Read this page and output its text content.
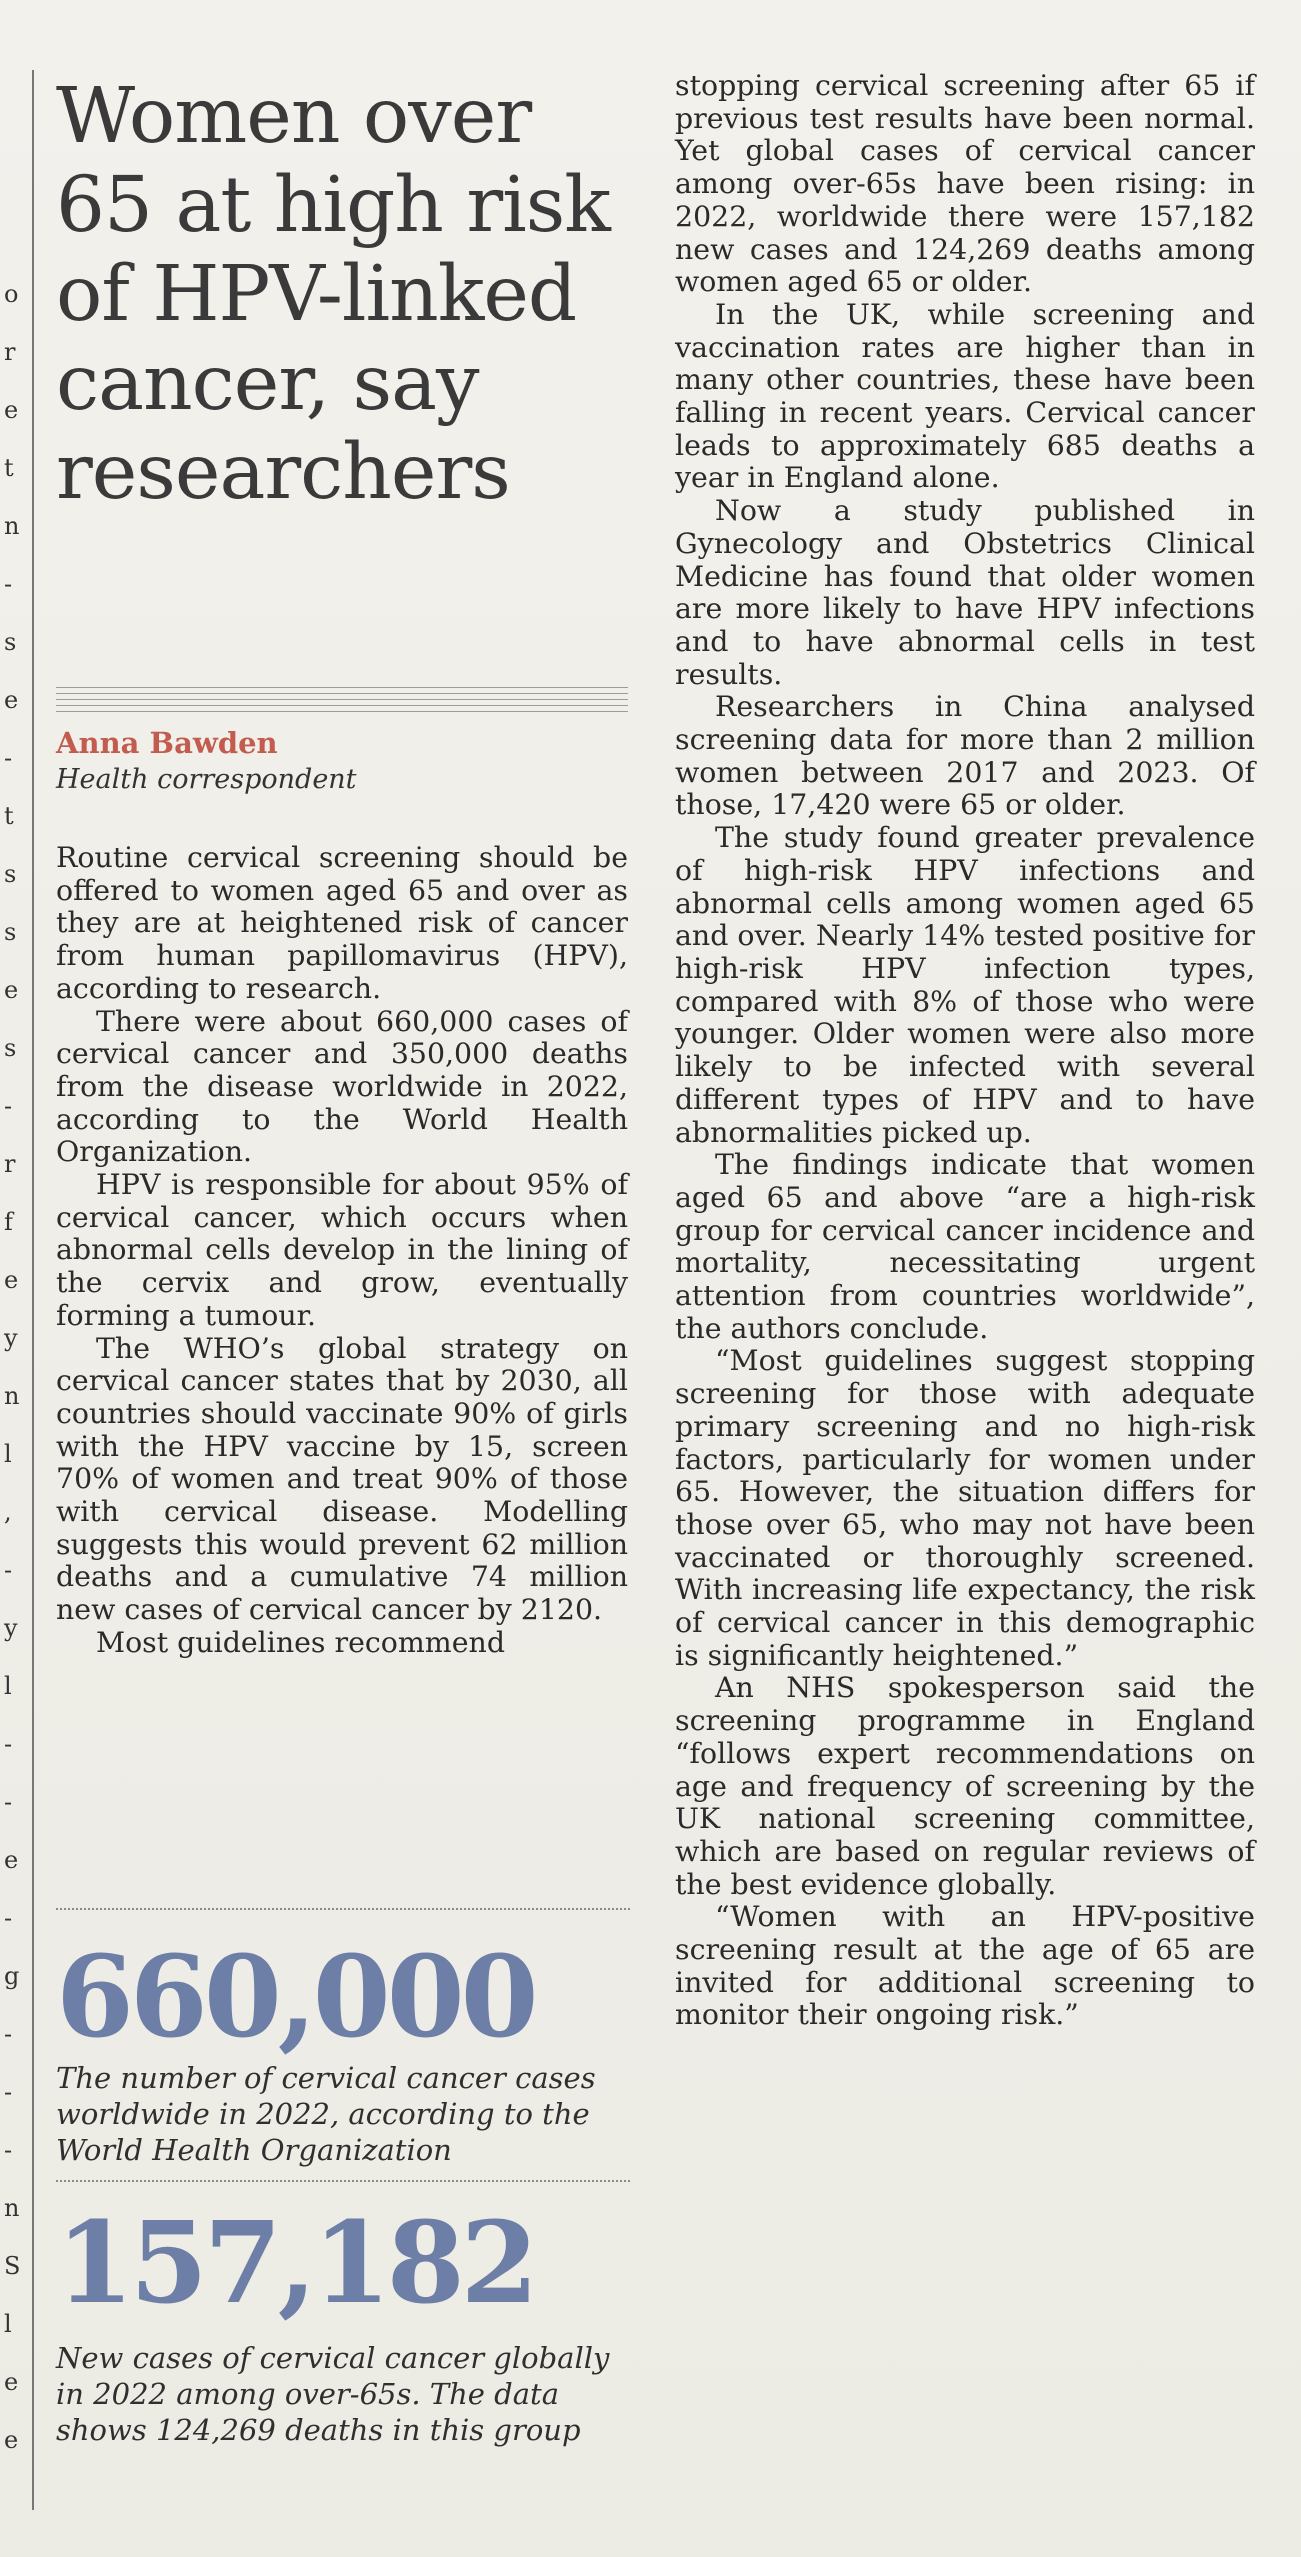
o
r
e
t
n
-
s
e
-
t
s
s
e
s
-
r
f
e
y
n
l
,
-
y
l
-
-
e
-
g
-
-
-
n
S
l
e
e
Women over 65 at high risk of HPV-linked cancer, say researchers
Anna Bawden
Health correspondent

Routine cervical screening should be offered to women aged 65 and over as they are at heightened risk of cancer from human papillomavirus (HPV), according to research.

There were about 660,000 cases of cervical cancer and 350,000 deaths from the disease worldwide in 2022, according to the World Health Organization.

HPV is responsible for about 95% of cervical cancer, which occurs when abnormal cells develop in the lining of the cervix and grow, eventually forming a tumour.

The WHO’s global strategy on cervical cancer states that by 2030, all countries should vaccinate 90% of girls with the HPV vaccine by 15, screen 70% of women and treat 90% of those with cervical disease. Modelling suggests this would prevent 62 million deaths and a cumulative 74 million new cases of cervical cancer by 2120.

Most guidelines recommend

660,000
The number of cervical cancer cases worldwide in 2022, according to the World Health Organization
157,182
New cases of cervical cancer globally in 2022 among over-65s. The data shows 124,269 deaths in this group

stopping cervical screening after 65 if previous test results have been normal. Yet global cases of cervical cancer among over-65s have been rising: in 2022, worldwide there were 157,182 new cases and 124,269 deaths among women aged 65 or older.

In the UK, while screening and vaccination rates are higher than in many other countries, these have been falling in recent years. Cervical cancer leads to approximately 685 deaths a year in England alone.

Now a study published in Gynecology and Obstetrics Clinical Medicine has found that older women are more likely to have HPV infections and to have abnormal cells in test results.

Researchers in China analysed screening data for more than 2 million women between 2017 and 2023. Of those, 17,420 were 65 or older.

The study found greater prevalence of high-risk HPV infections and abnormal cells among women aged 65 and over. Nearly 14% tested positive for high-risk HPV infection types, compared with 8% of those who were younger. Older women were also more likely to be infected with several different types of HPV and to have abnormalities picked up.

The findings indicate that women aged 65 and above “are a high-risk group for cervical cancer incidence and mortality, necessitating urgent attention from countries worldwide”, the authors conclude.

“Most guidelines suggest stopping screening for those with adequate primary screening and no high-risk factors, particularly for women under 65. However, the situation differs for those over 65, who may not have been vaccinated or thoroughly screened. With increasing life expectancy, the risk of cervical cancer in this demographic is significantly heightened.”

An NHS spokesperson said the screening programme in England “follows expert recommendations on age and frequency of screening by the UK national screening committee, which are based on regular reviews of the best evidence globally.

“Women with an HPV-positive screening result at the age of 65 are invited for additional screening to monitor their ongoing risk.”
